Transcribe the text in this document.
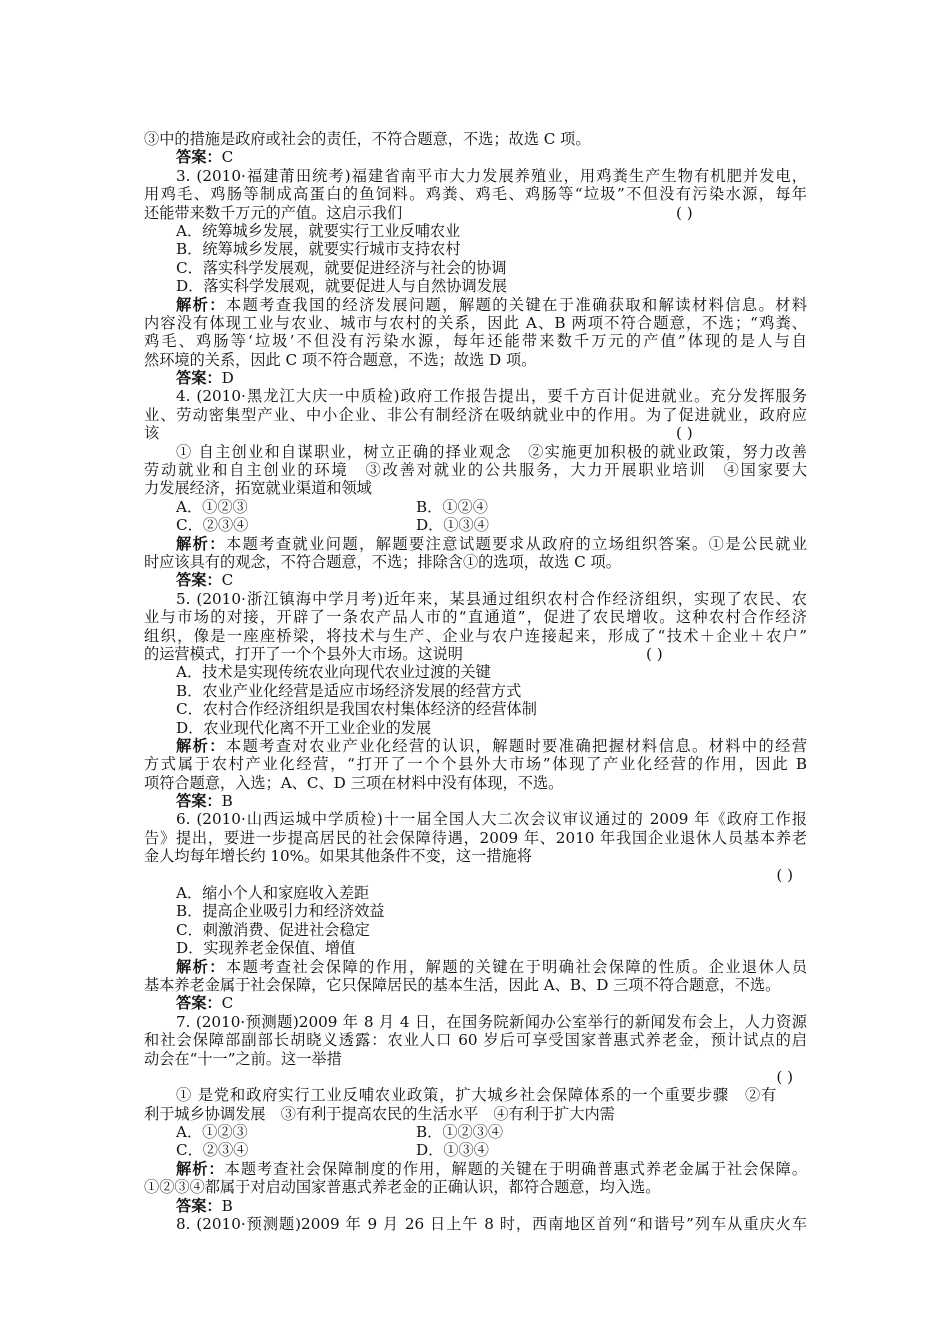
③中的措施是政府或社会的责任，不符合题意，不选；故选 C 项。
答案：C
3. (2010·福建莆田统考)福建省南平市大力发展养殖业，用鸡粪生产生物有机肥并发电，
用鸡毛、鸡肠等制成高蛋白的鱼饲料。鸡粪、鸡毛、鸡肠等“垃圾”不但没有污染水源，每年
还能带来数千万元的产值。这启示我们	( )
A．统筹城乡发展，就要实行工业反哺农业
B．统筹城乡发展，就要实行城市支持农村
C．落实科学发展观，就要促进经济与社会的协调
D．落实科学发展观，就要促进人与自然协调发展
解析：本题考查我国的经济发展问题，解题的关键在于准确获取和解读材料信息。材料
内容没有体现工业与农业、城市与农村的关系，因此 A、B 两项不符合题意，不选；“鸡粪、
鸡毛、鸡肠等‘垃圾’不但没有污染水源，每年还能带来数千万元的产值”体现的是人与自
然环境的关系，因此 C 项不符合题意，不选；故选 D 项。
答案：D
4. (2010·黑龙江大庆一中质检)政府工作报告提出，要千方百计促进就业。充分发挥服务
业、劳动密集型产业、中小企业、非公有制经济在吸纳就业中的作用。为了促进就业，政府应
该	( )
① 自主创业和自谋职业，树立正确的择业观念　②实施更加积极的就业政策，努力改善
劳动就业和自主创业的环境　③改善对就业的公共服务，大力开展职业培训　④国家要大
力发展经济，拓宽就业渠道和领域
A．①②③	B．①②④
C．②③④	D．①③④
解析：本题考查就业问题，解题要注意试题要求从政府的立场组织答案。①是公民就业
时应该具有的观念，不符合题意，不选；排除含①的选项，故选 C 项。
答案：C
5. (2010·浙江镇海中学月考)近年来，某县通过组织农村合作经济组织，实现了农民、农
业与市场的对接，开辟了一条农产品人市的“直通道”，促进了农民增收。这种农村合作经济
组织，像是一座座桥梁，将技术与生产、企业与农户连接起来，形成了“技术＋企业＋农户”
的运营模式，打开了一个个县外大市场。这说明	( )
A．技术是实现传统农业向现代农业过渡的关键
B．农业产业化经营是适应市场经济发展的经营方式
C．农村合作经济组织是我国农村集体经济的经营体制
D．农业现代化离不开工业企业的发展
解析：本题考查对农业产业化经营的认识，解题时要准确把握材料信息。材料中的经营
方式属于农村产业化经营，“打开了一个个县外大市场”体现了产业化经营的作用，因此 B
项符合题意，入选；A、C、D 三项在材料中没有体现，不选。
答案：B
6. (2010·山西运城中学质检)十一届全国人大二次会议审议通过的 2009 年《政府工作报
告》提出，要进一步提高居民的社会保障待遇，2009 年、2010 年我国企业退休人员基本养老
金人均每年增长约 10%。如果其他条件不变，这一措施将
( )
A．缩小个人和家庭收入差距
B．提高企业吸引力和经济效益
C．刺激消费、促进社会稳定
D．实现养老金保值、增值
解析：本题考查社会保障的作用，解题的关键在于明确社会保障的性质。企业退休人员
基本养老金属于社会保障，它只保障居民的基本生活，因此 A、B、D 三项不符合题意，不选。
答案：C
7. (2010·预测题)2009 年 8 月 4 日，在国务院新闻办公室举行的新闻发布会上，人力资源
和社会保障部副部长胡晓义透露：农业人口 60 岁后可享受国家普惠式养老金，预计试点的启
动会在“十一”之前。这一举措
( )
① 是党和政府实行工业反哺农业政策，扩大城乡社会保障体系的一个重要步骤　②有
利于城乡协调发展　③有利于提高农民的生活水平　④有利于扩大内需
A．①②③	B．①②③④
C．②③④	D．①③④
解析：本题考查社会保障制度的作用，解题的关键在于明确普惠式养老金属于社会保障。
①②③④都属于对启动国家普惠式养老金的正确认识，都符合题意，均入选。
答案：B
8. (2010·预测题)2009 年 9 月 26 日上午 8 时，西南地区首列“和谐号”列车从重庆火车
